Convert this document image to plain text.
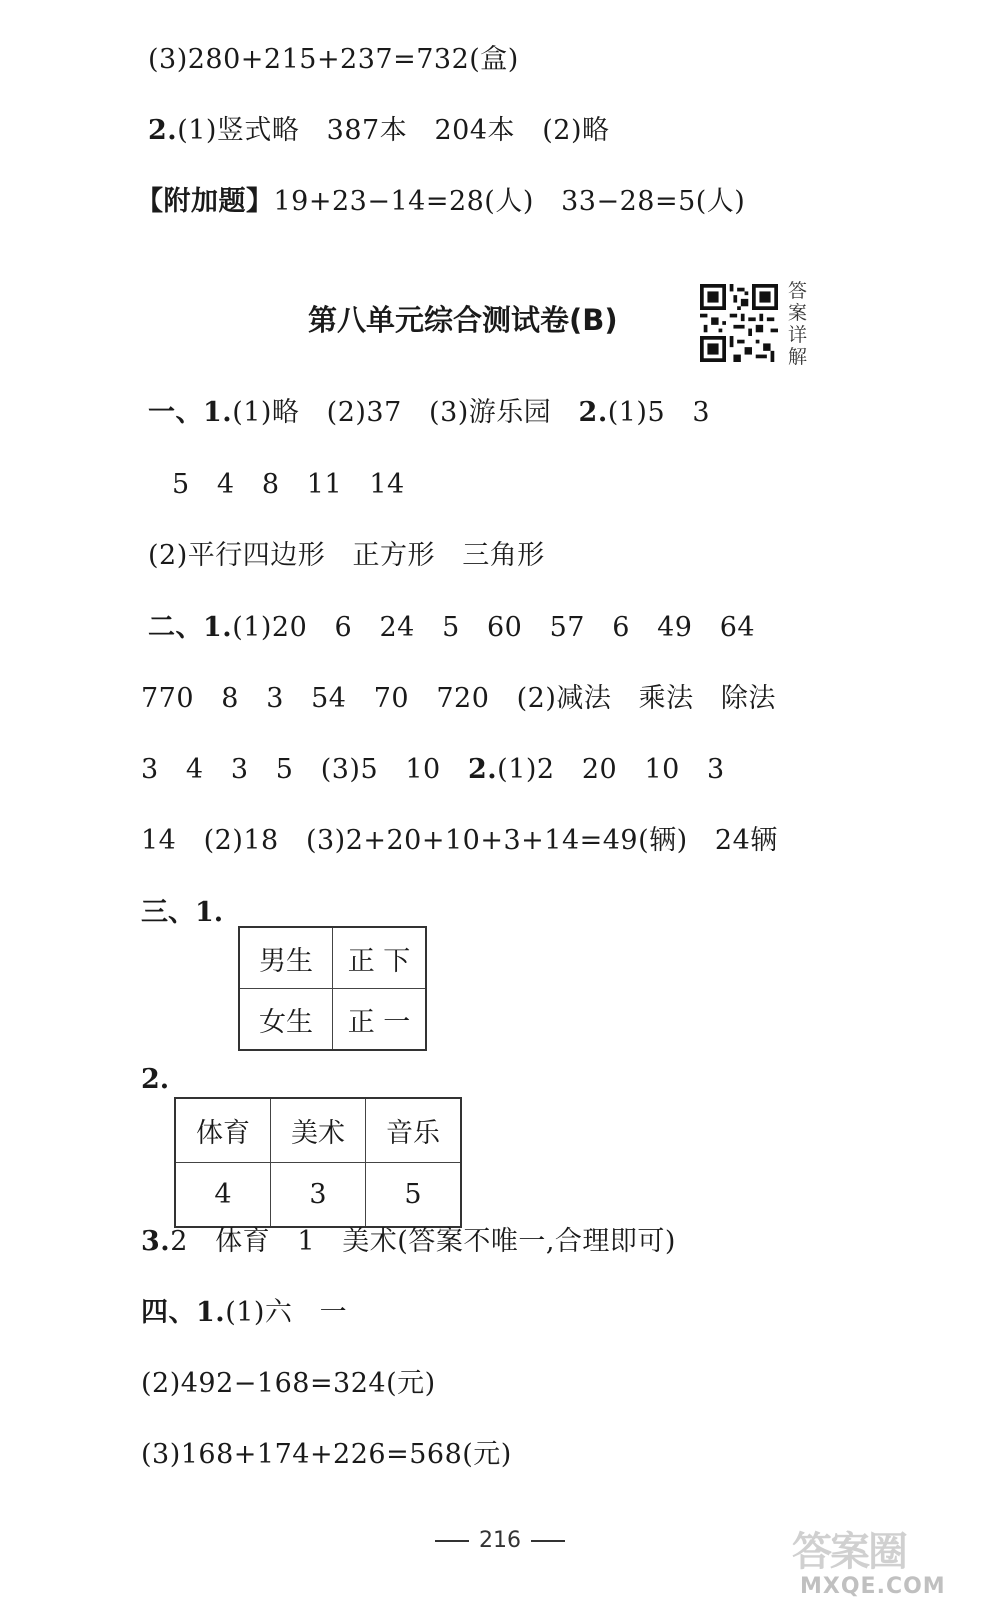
(3)280+215+237=732(盒)
2.(1)竖式略   387本   204本   (2)略
【附加题】19+23−14=28(人)   33−28=5(人)
第八单元综合测试卷(B)
答案详解
一、1.(1)略   (2)37   (3)游乐园   2.(1)5   3
5   4   8   11   14
(2)平行四边形   正方形   三角形
二、1.(1)20   6   24   5   60   57   6   49   64
770   8   3   54   70   720   (2)减法   乘法   除法
3   4   3   5   (3)5   10   2.(1)2   20   10   3
14   (2)18   (3)2+20+10+3+14=49(辆)   24辆
三、1.
男生	正 下
女生	正 一
2.
体育	美术	音乐
4	3	5
3.2   体育   1   美术(答案不唯一,合理即可)
四、1.(1)六   一
(2)492−168=324(元)
(3)168+174+226=568(元)
216	答案圈
MXQE.COM
